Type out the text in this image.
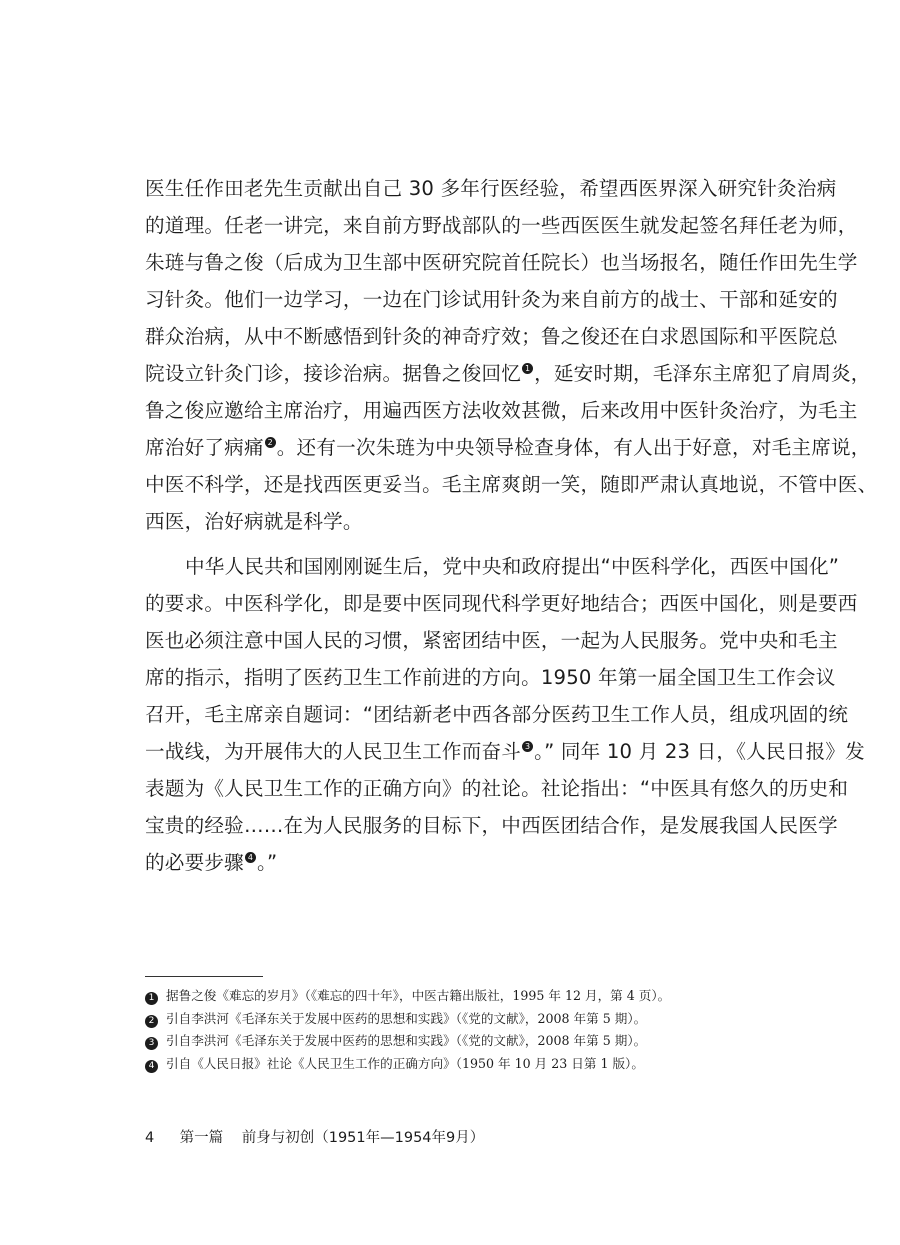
医生任作田老先生贡献出自己 30 多年行医经验，希望西医界深入研究针灸治病
的道理。任老一讲完，来自前方野战部队的一些西医医生就发起签名拜任老为师，
朱琏与鲁之俊（后成为卫生部中医研究院首任院长）也当场报名，随任作田先生学
习针灸。他们一边学习，一边在门诊试用针灸为来自前方的战士、干部和延安的
群众治病，从中不断感悟到针灸的神奇疗效；鲁之俊还在白求恩国际和平医院总
院设立针灸门诊，接诊治病。据鲁之俊回忆 1 ，延安时期，毛泽东主席犯了肩周炎，
鲁之俊应邀给主席治疗，用遍西医方法收效甚微，后来改用中医针灸治疗，为毛主
席治好了病痛 2 。还有一次朱琏为中央领导检查身体，有人出于好意，对毛主席说，
中医不科学，还是找西医更妥当。毛主席爽朗一笑，随即严肃认真地说，不管中医、
西医，治好病就是科学。
中华人民共和国刚刚诞生后，党中央和政府提出“中医科学化，西医中国化”
的要求。中医科学化，即是要中医同现代科学更好地结合；西医中国化，则是要西
医也必须注意中国人民的习惯，紧密团结中医，一起为人民服务。党中央和毛主
席的指示，指明了医药卫生工作前进的方向。1950 年第一届全国卫生工作会议
召开，毛主席亲自题词：“团结新老中西各部分医药卫生工作人员，组成巩固的统
一战线，为开展伟大的人民卫生工作而奋斗 3 。” 同年 10 月 23 日，《人民日报》发
表题为《人民卫生工作的正确方向》的社论。社论指出：“中医具有悠久的历史和
宝贵的经验……在为人民服务的目标下，中西医团结合作，是发展我国人民医学
的必要步骤 4 。”
1 据鲁之俊《难忘的岁月》（《难忘的四十年》，中医古籍出版社，1995 年 12 月，第 4 页）。
2 引自李洪河《毛泽东关于发展中医药的思想和实践》（《党的文献》，2008 年第 5 期）。
3 引自李洪河《毛泽东关于发展中医药的思想和实践》（《党的文献》，2008 年第 5 期）。
4 引自《人民日报》社论《人民卫生工作的正确方向》（1950 年 10 月 23 日第 1 版）。
4 第一篇 前身与初创（1951年—1954年9月）
